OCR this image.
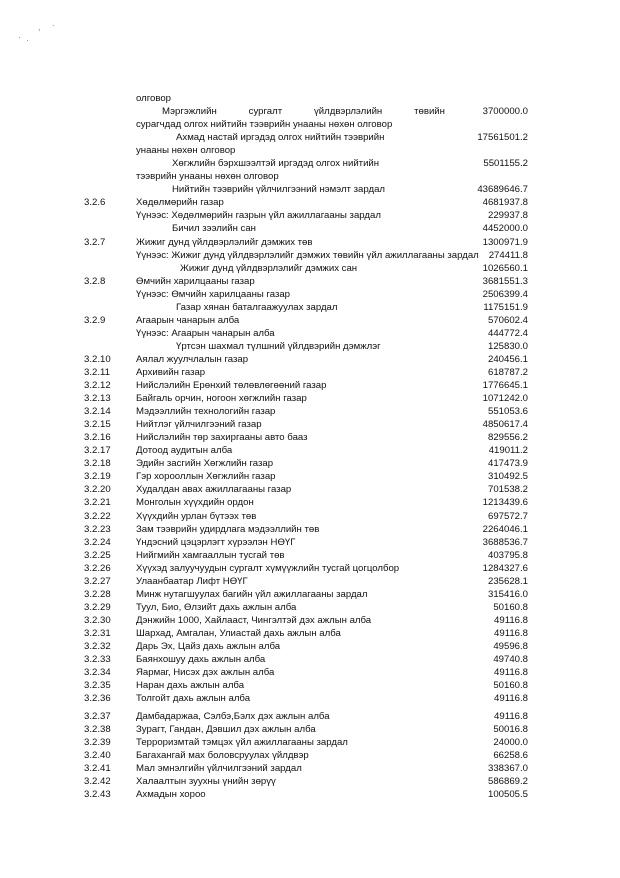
, .
· ·
олговор
Мэргэжлийн	сургалт	үйлдвэрлэлийн	төвийн	3700000.0
сурагчдад олгох нийтийн тээврийн унааны нөхөн олговор
Ахмад настай иргэдэд олгох нийтийн тээврийн	17561501.2
унааны нөхөн олговор
Хөгжлийн бэрхшээлтэй иргэдэд олгох нийтийн	5501155.2
тээврийн унааны нөхөн олговор
Нийтийн тээврийн үйлчилгээний нэмэлт зардал	43689646.7
3.2.6	Хөдөлмөрийн газар	4681937.8
Үүнээс: Хөдөлмөрийн газрын үйл ажиллагааны зардал	229937.8
Бичил зээлийн сан	4452000.0
3.2.7	Жижиг дунд үйлдвэрлэлийг дэмжих төв	1300971.9
Үүнээс: Жижиг дунд үйлдвэрлэлийг дэмжих төвийн үйл ажиллагааны зардал 274411.8
Жижиг дунд үйлдвэрлэлийг дэмжих сан	1026560.1
3.2.8	Өмчийн харилцааны газар	3681551.3
Үүнээс: Өмчийн харилцааны газар	2506399.4
Газар хянан баталгаажуулах зардал	1175151.9
3.2.9	Агаарын чанарын алба	570602.4
Үүнээс: Агаарын чанарын алба	444772.4
Үртсэн шахмал түлшний үйлдвэрийн дэмжлэг	125830.0
3.2.10	Аялал жуулчлалын газар	240456.1
3.2.11	Архивийн газар	618787.2
3.2.12	Нийслэлийн Ерөнхий төлөвлөгөөний газар	1776645.1
3.2.13	Байгаль орчин, ногоон хөгжлийн газар	1071242.0
3.2.14	Мэдээллийн технологийн газар	551053.6
3.2.15	Нийтлэг үйлчилгээний газар	4850617.4
3.2.16	Нийслэлийн төр захиргааны авто бааз	829556.2
3.2.17	Дотоод аудитын алба	419011.2
3.2.18	Эдийн засгийн Хөгжлийн газар	417473.9
3.2.19	Гэр хорооллын Хөгжлийн газар	310492.5
3.2.20	Худалдан авах ажиллагааны газар	701538.2
3.2.21	Монголын хүүхдийн ордон	1213439.6
3.2.22	Хүүхдийн урлан бүтээх төв	697572.7
3.2.23	Зам тээврийн удирдлага мэдээллийн төв	2264046.1
3.2.24	Үндэсний цэцэрлэгт хүрээлэн НӨҮГ	3688536.7
3.2.25	Нийгмийн хамгааллын тусгай төв	403795.8
3.2.26	Хүүхэд залуучуудын сургалт хүмүүжлийн тусгай цогцолбор	1284327.6
3.2.27	Улаанбаатар Лифт НӨҮГ	235628.1
3.2.28	Минж нутагшуулах багийн үйл ажиллагааны зардал	315416.0
3.2.29	Туул, Био, Өлзийт дахь ажлын алба	50160.8
3.2.30	Дэнжийн 1000, Хайлааст, Чингэлтэй дэх ажлын алба	49116.8
3.2.31	Шархад, Амгалан, Улиастай дахь ажлын алба	49116.8
3.2.32	Дарь Эх, Цайз дахь ажлын алба	49596.8
3.2.33	Баянхошуу дахь ажлын алба	49740.8
3.2.34	Яармаг, Нисэх дэх ажлын алба	49116.8
3.2.35	Наран дахь ажлын алба	50160.8
3.2.36	Толгойт дахь ажлын алба	49116.8
3.2.37	Дамбадаржаа, Сэлбэ,Бэлх дэх ажлын алба	49116.8
3.2.38	Зурагт, Гандан, Дэвшил дэх ажлын алба	50016.8
3.2.39	Терроризмтай тэмцэх үйл ажиллагааны зардал	24000.0
3.2.40	Багахангай мах боловсруулах үйлдвэр	66258.6
3.2.41	Мал эмнэлгийн үйлчилгээний зардал	338367.0
3.2.42	Халаалтын зуухны үнийн зөрүү	586869.2
3.2.43	Ахмадын хороо	100505.5
